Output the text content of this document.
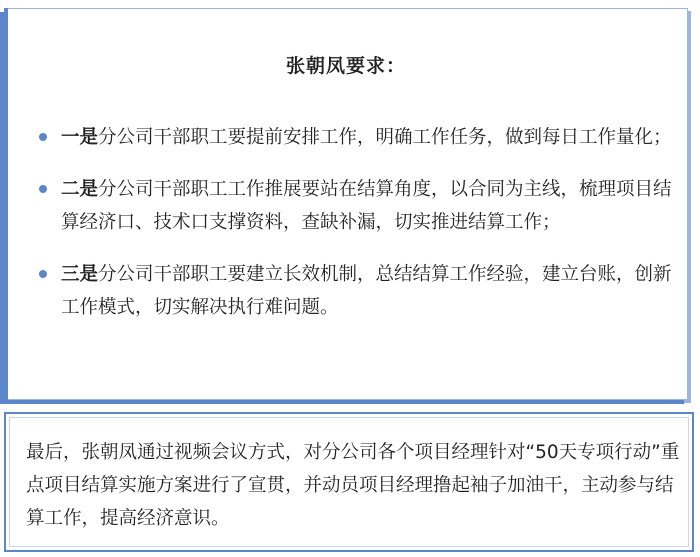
张朝凤要求：
一是分公司干部职工要提前安排工作，明确工作任务，做到每日工作量化；
二是分公司干部职工工作推展要站在结算角度，以合同为主线，梳理项目结算经济口、技术口支撑资料，查缺补漏，切实推进结算工作；
三是分公司干部职工要建立长效机制，总结结算工作经验，建立台账，创新工作模式，切实解决执行难问题。

最后，张朝凤通过视频会议方式，对分公司各个项目经理针对“50天专项行动”重点项目结算实施方案进行了宣贯，并动员项目经理撸起袖子加油干，主动参与结算工作，提高经济意识。
